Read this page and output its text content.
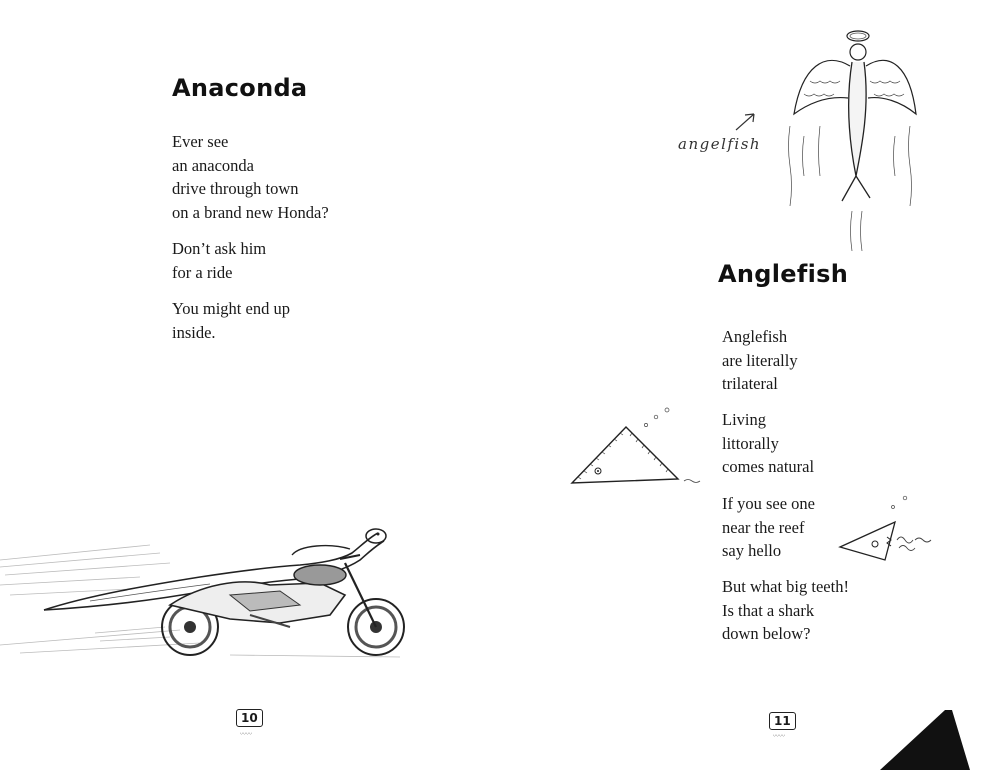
Anaconda

Ever see
an anaconda
drive through town
on a brand new Honda?

Don’t ask him
for a ride

You might end up
inside.

10
〰〰
angelfish
Anglefish

Anglefish
are literally
trilateral

Living
littorally
comes natural

If you see one
near the reef
say hello

But what big teeth!
Is that a shark
down below?

11
〰〰
